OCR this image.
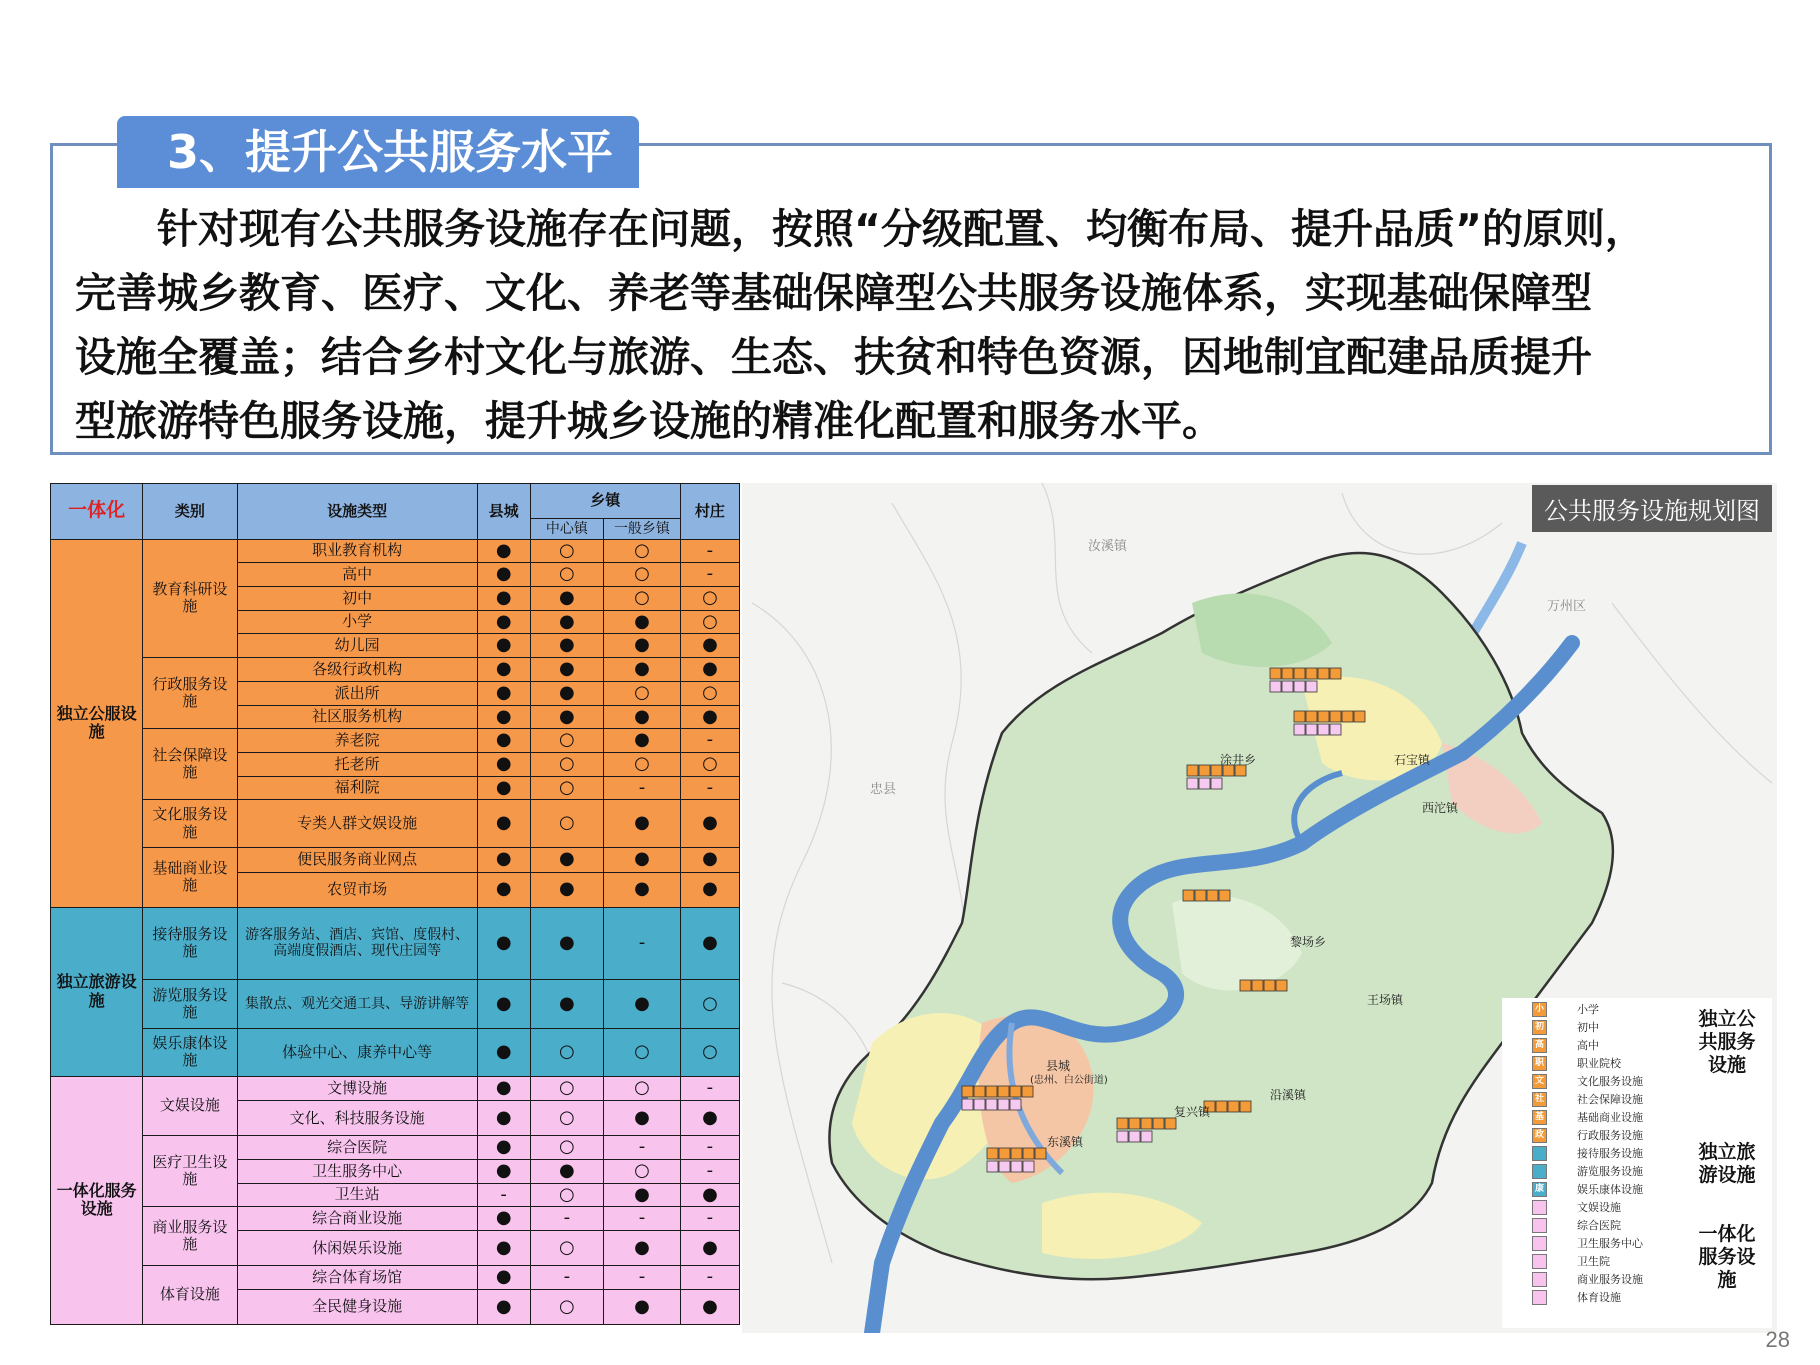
3、提升公共服务水平

　　针对现有公共服务设施存在问题，按照“分级配置、均衡布局、提升品质”的原则，

完善城乡教育、医疗、文化、养老等基础保障型公共服务设施体系，实现基础保障型

设施全覆盖；结合乡村文化与旅游、生态、扶贫和特色资源，因地制宜配建品质提升

型旅游特色服务设施，提升城乡设施的精准化配置和服务水平。

一体化	类别	设施类型	县城	乡镇		村庄
				中心镇	一般乡镇	
独立公服设施	教育科研设施	职业教育机构	●	○	○	-
		高中	●	○	○	-
		初中	●	●	○	○
		小学	●	●	●	○
		幼儿园	●	●	●	●
	行政服务设施	各级行政机构	●	●	●	●
		派出所	●	●	○	○
		社区服务机构	●	●	●	●
	社会保障设施	养老院	●	○	●	-
		托老所	●	○	○	○
		福利院	●	○	-	-
	文化服务设施	专类人群文娱设施	●	○	●	●
	基础商业设施	便民服务商业网点	●	●	●	●
		农贸市场	●	●	●	●
独立旅游设施	接待服务设施	游客服务站、酒店、宾馆、度假村、高端度假酒店、现代庄园等	●	●	-	●
	游览服务设施	集散点、观光交通工具、导游讲解等	●	●	●	○
	娱乐康体设施	体验中心、康养中心等	●	○	○	○
一体化服务设施	文娱设施	文博设施	●	○	○	-
		文化、科技服务设施	●	○	●	●
	医疗卫生设施	综合医院	●	○	-	-
		卫生服务中心	●	●	○	-
		卫生站	-	○	●	●
	商业服务设施	综合商业设施	●	-	-	-
		休闲娱乐设施	●	○	●	●
	体育设施	综合体育场馆	●	-	-	-
		全民健身设施	●	○	●	●
公共服务设施规划图
汝溪镇
万州区
忠县
涂井乡	石宝镇
西沱镇
黎场乡
王场镇
县城
(忠州、白公街道)
沿溪镇
复兴镇
东溪镇
小	小学
初	初中
高	高中
职	职业院校
文	文化服务设施
社	社会保障设施
基	基础商业设施
政	行政服务设施
接待服务设施
游览服务设施
康	娱乐康体设施
文娱设施
综合医院
卫生服务中心
卫生院
商业服务设施
体育设施
独立公共服务设施
独立旅游设施
一体化服务设施
28
